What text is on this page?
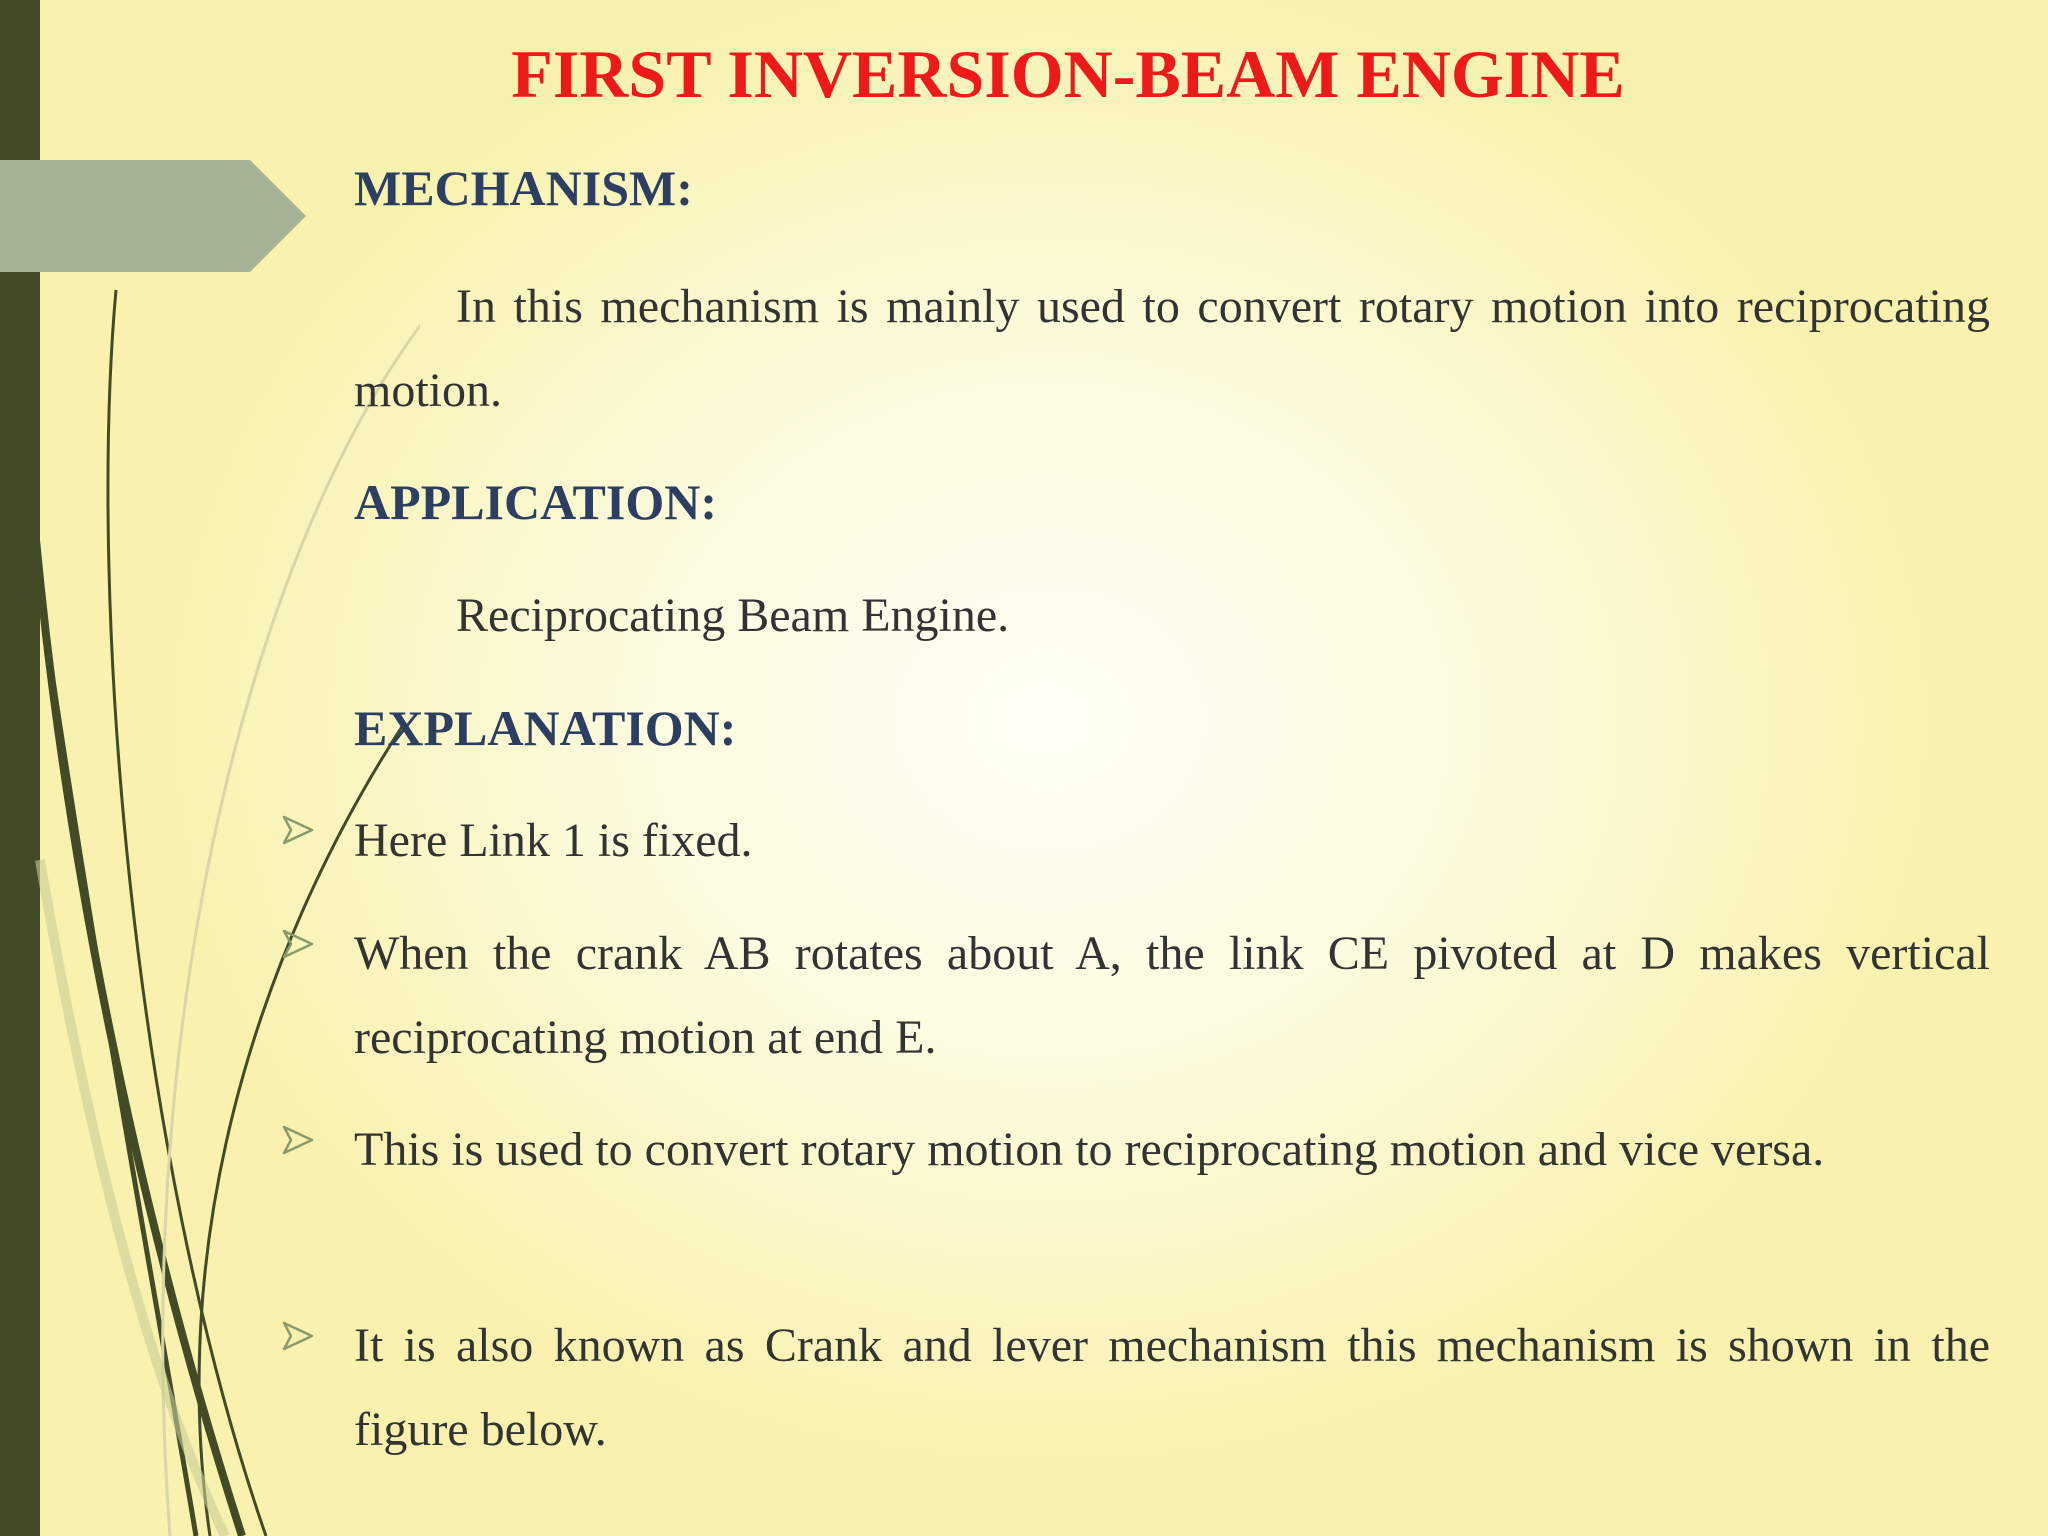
FIRST INVERSION-BEAM ENGINE
MECHANISM:
In this mechanism is mainly used to convert rotary motion into reciprocating motion.
APPLICATION:
Reciprocating Beam Engine.
EXPLANATION:
Here Link 1 is fixed.
When the crank AB rotates about A, the link CE pivoted at D makes vertical reciprocating motion at end E.
This is used to convert rotary motion to reciprocating motion and vice versa.
It is also known as Crank and lever mechanism this mechanism is shown in the figure below.
